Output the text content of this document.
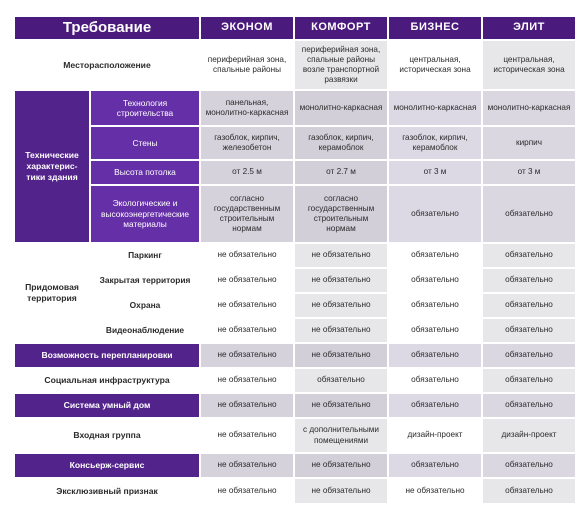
Требование		ЭКОНОМ	КОМФОРТ	БИЗНЕС	ЭЛИТ
Месторасположение		периферийная зона, спальные районы	периферийная зона, спальные районы возле транспортной развязки	центральная, историческая зона	центральная, историческая зона
Технические характерис-тики здания	Технология строительства	панельная, монолитно-каркасная	монолитно-каркасная	монолитно-каркасная	монолитно-каркасная
	Стены	газоблок, кирпич, железобетон	газоблок, кирпич, керамоблок	газоблок, кирпич, керамоблок	кирпич
	Высота потолка	от 2.5 м	от 2.7 м	от 3 м	от 3 м
	Экологические и высокоэнергетические материалы	согласно государственным строительным нормам	согласно государственным строительным нормам	обязательно	обязательно
Придомовая территория	Паркинг	не обязательно	не обязательно	обязательно	обязательно
	Закрытая территория	не обязательно	не обязательно	обязательно	обязательно
	Охрана	не обязательно	не обязательно	обязательно	обязательно
	Видеонаблюдение	не обязательно	не обязательно	обязательно	обязательно
Возможность перепланировки		не обязательно	не обязательно	обязательно	обязательно
Социальная инфраструктура		не обязательно	обязательно	обязательно	обязательно
Система умный дом		не обязательно	не обязательно	обязательно	обязательно
Входная группа		не обязательно	с дополнительными помещениями	дизайн-проект	дизайн-проект
Консьерж-сервис		не обязательно	не обязательно	обязательно	обязательно
Эксклюзивный признак		не обязательно	не обязательно	не обязательно	обязательно
